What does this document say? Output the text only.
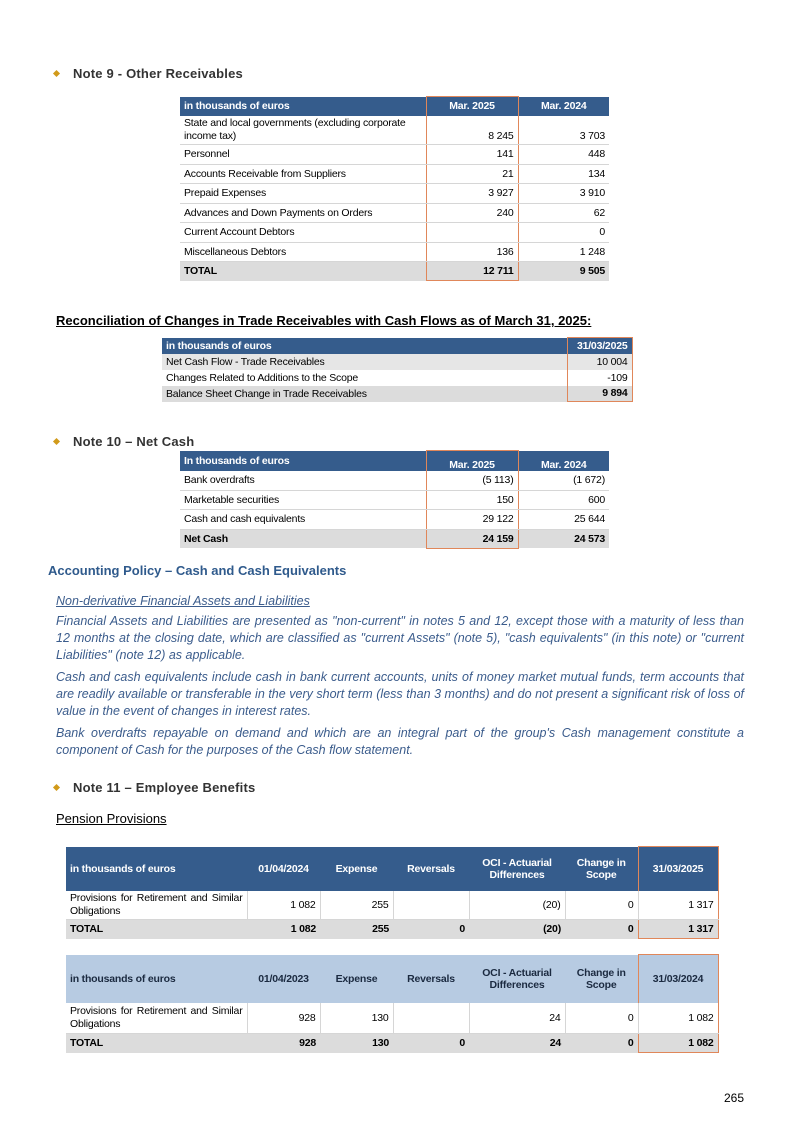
Note 9 - Other Receivables
in thousands of euros	Mar. 2025	Mar. 2024
State and local governments (excluding corporate income tax)	8 245	3 703
Personnel	141	448
Accounts Receivable from Suppliers	21	134
Prepaid Expenses	3 927	3 910
Advances and Down Payments on Orders	240	62
Current Account Debtors		0
Miscellaneous Debtors	136	1 248
TOTAL	12 711	9 505
Reconciliation of Changes in Trade Receivables with Cash Flows as of March 31, 2025:
in thousands of euros	31/03/2025
Net Cash Flow - Trade Receivables	10 004
Changes Related to Additions to the Scope	-109
Balance Sheet Change in Trade Receivables	9 894
Note 10 – Net Cash
In thousands of euros	Mar. 2025	Mar. 2024
Bank overdrafts	(5 113)	(1 672)
Marketable securities	150	600
Cash and cash equivalents	29 122	25 644
Net Cash	24 159	24 573
Accounting Policy – Cash and Cash Equivalents
Non-derivative Financial Assets and Liabilities
Financial Assets and Liabilities are presented as "non-current" in notes 5 and 12, except those with a maturity of less than 12 months at the closing date, which are classified as "current Assets" (note 5), "cash equivalents" (in this note) or "current Liabilities" (note 12) as applicable.
Cash and cash equivalents include cash in bank current accounts, units of money market mutual funds, term accounts that are readily available or transferable in the very short term (less than 3 months) and do not present a significant risk of loss of value in the event of changes in interest rates.
Bank overdrafts repayable on demand and which are an integral part of the group's Cash management constitute a component of Cash for the purposes of the Cash flow statement.
Note 11 – Employee Benefits
Pension Provisions
in thousands of euros	01/04/2024	Expense	Reversals	OCI - Actuarial Differences	Change in Scope	31/03/2025
Provisions for Retirement and Similar Obligations	1 082	255		(20)	0	1 317
TOTAL	1 082	255	0	(20)	0	1 317
in thousands of euros	01/04/2023	Expense	Reversals	OCI - Actuarial Differences	Change in Scope	31/03/2024
Provisions for Retirement and Similar Obligations	928	130		24	0	1 082
TOTAL	928	130	0	24	0	1 082
265
